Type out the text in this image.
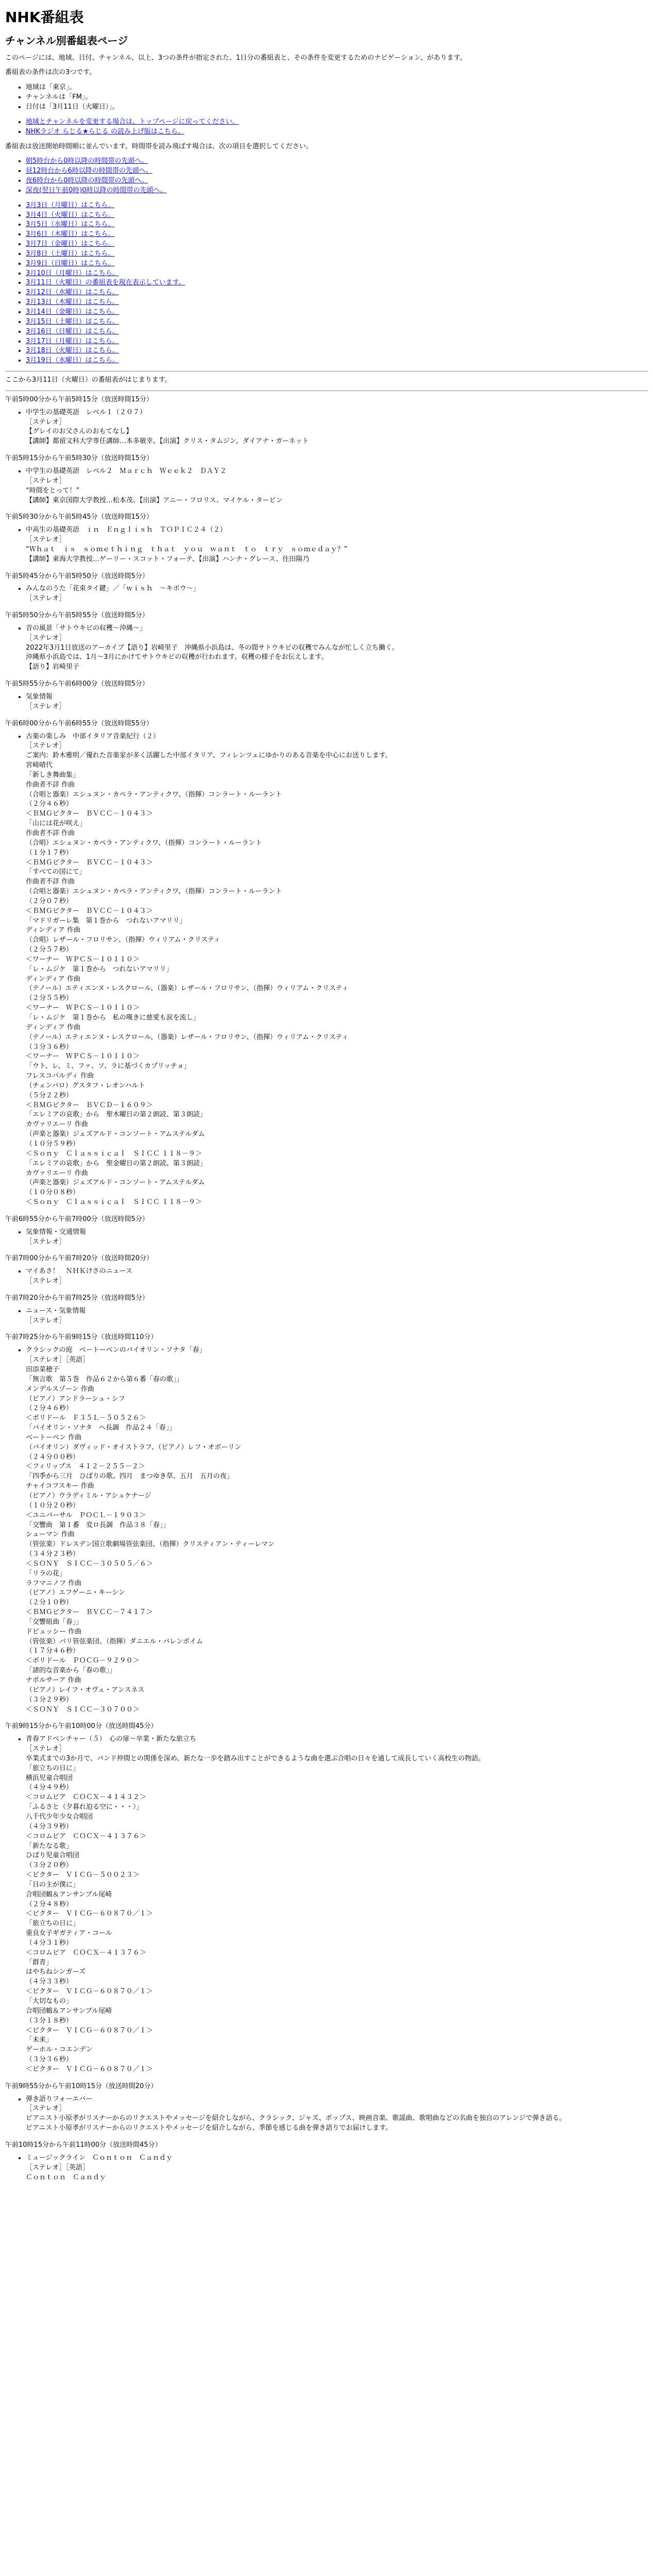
NHK番組表
チャンネル別番組表ページ

このページには、地域、日付、チャンネル、以上、3つの条件が指定された、1日分の番組表と、その条件を変更するためのナビゲーション、があります。

番組表の条件は次の3つです。

• 地域は「東京」。
• チャンネルは「FM」。
• 日付は「3月11日（火曜日）」。
• 地域とチャンネルを変更する場合は、トップページに戻ってください。
• NHKラジオ らじる★らじる の読み上げ版はこちら。

番組表は放送開始時間順に並んでいます。時間帯を読み飛ばす場合は、次の項目を選択してください。

• 朝5時台から0時以降の時間帯の先頭へ。
• 昼12時台から6時以降の時間帯の先頭へ。
• 夜6時台から0時以降の時間帯の先頭へ。
• 深夜(翌日午前0時)0時以降の時間帯の先頭へ。
• 3月3日（月曜日）はこちら。
• 3月4日（火曜日）はこちら。
• 3月5日（水曜日）はこちら。
• 3月6日（木曜日）はこちら。
• 3月7日（金曜日）はこちら。
• 3月8日（土曜日）はこちら。
• 3月9日（日曜日）はこちら。
• 3月10日（月曜日）はこちら。
• 3月11日（火曜日）の番組表を現在表示しています。
• 3月12日（水曜日）はこちら。
• 3月13日（木曜日）はこちら。
• 3月14日（金曜日）はこちら。
• 3月15日（土曜日）はこちら。
• 3月16日（日曜日）はこちら。
• 3月17日（月曜日）はこちら。
• 3月18日（火曜日）はこちら。
• 3月19日（水曜日）はこちら。

ここから3月11日（火曜日）の番組表がはじまります。

午前5時00分から午前5時15分（放送時間15分）

• 中学生の基礎英語　レベル１（２０７）
［ステレオ］
【グレイのお父さんのおもてなし】
【講師】都留文科大学専任講師…本多敏幸、【出演】クリス・タムジン、ダイアナ・ガーネット

午前5時15分から午前5時30分（放送時間15分）

• 中学生の基礎英語　レベル２　Ｍａｒｃｈ　Ｗｅｅｋ２　ＤＡＹ２
［ステレオ］
“時間をとって！”
【講師】東京国際大学教授…松本茂、【出演】アニー・フロリス、マイケル・ターピン

午前5時30分から午前5時45分（放送時間15分）

• 中高生の基礎英語　ｉｎ　Ｅｎｇｌｉｓｈ　ＴＯＰＩＣ２４（２）
［ステレオ］
“Ｗｈａｔ　ｉｓ　ｓｏｍｅｔｈｉｎｇ　ｔｈａｔ　ｙｏｕ　ｗａｎｔ　ｔｏ　ｔｒｙ　ｓｏｍｅｄａｙ？”
【講師】東海大学教授…ゲーリー・スコット・フォーテ、【出演】ハンナ・グレース、住田陽乃

午前5時45分から午前5時50分（放送時間5分）

• みんなのうた「花束タイ鍵」／「ｗｉｓｈ　～キボウ～」
［ステレオ］

午前5時50分から午前5時55分（放送時間5分）

• 音の風景「サトウキビの収穫～沖縄～」
［ステレオ］
2022年3月1日放送のアーカイブ【語り】岩崎里子　沖縄県小浜島は、冬の間サトウキビの収穫でみんなが忙しく立ち働く。
沖縄県小浜島では、1月～3月にかけてサトウキビの収穫が行われます。収穫の様子をお伝えします。
【語り】岩崎里子

午前5時55分から午前6時00分（放送時間5分）

• 気象情報
［ステレオ］

午前6時00分から午前6時55分（放送時間55分）

• 古楽の楽しみ　中部イタリア音楽紀行（２）
［ステレオ］
ご案内：鈴木雅明／優れた音楽家が多く活躍した中部イタリア、フィレンツェにゆかりのある音楽を中心にお送りします。
宮崎晴代
「新しき舞曲集」
作曲者不詳 作曲
（合唱と器楽）エシュヌン・カペラ・アンティクワ、（指揮）コンラート・ルーラント
（２分４６秒）
＜ＢＭＧビクター　ＢＶＣＣ－１０４３＞
「山には花が咲え」
作曲者不詳 作曲
（合唱）エシュヌン・カペラ・アンティクワ、（指揮）コンラート・ルーラント
（１分１７秒）
＜ＢＭＧビクター　ＢＶＣＣ－１０４３＞
「すべての国にて」
作曲者不詳 作曲
（合唱と器楽）エシュヌン・カペラ・アンティクワ、（指揮）コンラート・ルーラント
（２分０７秒）
＜ＢＭＧビクター　ＢＶＣＣ－１０４３＞
「マドリガーレ集　第１巻から　つれないアマリリ」
ディンディア 作曲
（合唱）レザール・フロリサン、（指揮）ウィリアム・クリスティ
（２分５７秒）
＜ワーナー　ＷＰＣＳ－１０１１０＞
「レ・ムジケ　第１巻から　つれないアマリリ」
ディンディア 作曲
（テノール）エティエンヌ・レスクロール、（器楽）レザール・フロリサン、（指揮）ウィリアム・クリスティ
（２分５５秒）
＜ワーナー　ＷＰＣＳ－１０１１０＞
「レ・ムジケ　第１巻から　私の嘆きに慈愛も涙を流し」
ディンディア 作曲
（テノール）エティエンヌ・レスクロール、（器楽）レザール・フロリサン、（指揮）ウィリアム・クリスティ
（３分３６秒）
＜ワーナー　ＷＰＣＳ－１０１１０＞
「ウト、レ、ミ、ファ、ソ、ラに基づくカプリッチョ」
フレスコバルディ 作曲
（チェンバロ）グスタフ・レオンハルト
（５分２２秒）
＜ＢＭＧビクター　ＢＶＣＤ－１６０９＞
「エレミアの哀歌」から　聖木曜日の第２朗読、第３朗読」
カヴァリエーリ 作曲
（声楽と器楽）ジェズアルド・コンソート・アムステルダム
（１０分５９秒）
＜Ｓｏｎｙ　Ｃｌａｓｓｉｃａｌ　ＳＩＣＣ １１８－９＞
「エレミアの哀歌」から　聖金曜日の第２朗読、第３朗読」
カヴァリエーリ 作曲
（声楽と器楽）ジェズアルド・コンソート・アムステルダム
（１０分０８秒）
＜Ｓｏｎｙ　Ｃｌａｓｓｉｃａｌ　ＳＩＣＣ １１８－９＞

午前6時55分から午前7時00分（放送時間5分）

• 気象情報・交通情報
［ステレオ］

午前7時00分から午前7時20分（放送時間20分）

• マイあさ！　ＮＨＫけさのニュース
［ステレオ］

午前7時20分から午前7時25分（放送時間5分）

• ニュース・気象情報
［ステレオ］

午前7時25分から午前9時15分（放送時間110分）

• クラシックの庭　ベートーベンのバイオリン・ソナタ「春」
［ステレオ］［英語］
田添菜穂子
「無言歌　第５巻　作品６２から第６番「春の歌」」
メンデルスゾーン 作曲
（ピアノ）アンドラーシュ・シフ
（２分４６秒）
＜ポリドール　Ｆ３５Ｌ－５０５２６＞
「バイオリン・ソナタ　ヘ長調　作品２４「春」」
ベートーベン 作曲
（バイオリン）ダヴィッド・オイストラフ、（ピアノ）レフ・オボーリン
（２４分００秒）
＜フィリップス　４１２－２５５－２＞
「四季から三月　ひばりの歌、四月　まつゆき草、五月　五月の夜」
チャイコフスキー 作曲
（ピアノ）ウラディミル・アシュケナージ
（１０分２０秒）
＜ユニバーサル　ＰＯＣＬ－１９０３＞
「交響曲　第１番　変ロ長調　作品３８「春」」
シューマン 作曲
（管弦楽）ドレスデン国立歌劇場管弦楽団、（指揮）クリスティアン・ティーレマン
（３４分２３秒）
＜ＳＯＮＹ　ＳＩＣＣ－３０５０５／６＞
「リラの花」
ラフマニノフ 作曲
（ピアノ）エフゲーニ・キーシン
（２分１０秒）
＜ＢＭＧビクター　ＢＶＣＣ－７４１７＞
「交響組曲「春」」
ドビュッシー 作曲
（管弦楽）パリ管弦楽団、（指揮）ダニエル・バレンボイム
（１７分４６秒）
＜ポリドール　ＰＯＣＧ－９２９０＞
「諸的な音楽から「春の歌」」
ナポルサーア 作曲
（ピアノ）レイフ・オヴェ・アンスネス
（３分２９秒）
＜ＳＯＮＹ　ＳＩＣＣ－３０７００＞

午前9時15分から午前10時00分（放送時間45分）

• 青春アドベンチャー（５）　心の扉～卒業・新たな旅立ち
［ステレオ］
卒業式までの3か月で、バンド仲間との関係を深め、新たな一歩を踏み出すことができるような曲を選ぶ合唱の日々を通して成長していく高校生の物語。
「旅立ちの日に」
横浜児童合唱団
（４分４９秒）
＜コロムビア　ＣＯＣＸ－４１４３２＞
「ふるさと（夕暮れ迫る空に・・・）」
八千代少年少女合唱団
（４分３９秒）
＜コロムビア　ＣＯＣＸ－４１３７６＞
「新たなる歌」
ひばり児童合唱団
（３分２０秒）
＜ビクター　ＶＩＣＧ－５００２３＞
「目の主が僕に」
合唱団鶴＆アンサンブル尾崎
（２分４８秒）
＜ビクター　ＶＩＣＧ－６０８７０／１＞
「旅立ちの日に」
重良女子ギガティア・コール
（４分３１秒）
＜コロムビア　ＣＯＣＸ－４１３７６＞
「群青」
はやちねシンガーズ
（４分３３秒）
＜ビクター　ＶＩＣＧ－６０８７０／１＞
「大切なもの」
合唱団鶴＆アンサンブル尾崎
（３分１８秒）
＜ビクター　ＶＩＣＧ－６０８７０／１＞
「未来」
ゲーホル・コエンデン
（３分３６秒）
＜ビクター　ＶＩＣＧ－６０８７０／１＞

午前9時55分から午前10時15分（放送時間20分）

• 弾き語りフォーエバー
［ステレオ］
ピアニスト小原孝がリスナーからのリクエストやメッセージを紹介しながら、クラシック、ジャズ、ポップス、映画音楽、歌謡曲、歌唱曲などの名曲を独自のアレンジで弾き語る。
ピアニスト小原孝がリスナーからのリクエストやメッセージを紹介しながら、季節を感じる曲を弾き語りでお届けします。

午前10時15分から午前11時00分（放送時間45分）

• ミュージックライン　Ｃｏｎｔｏｎ　Ｃａｎｄｙ
［ステレオ］［英語］
Ｃｏｎｔｏｎ　Ｃａｎｄｙ
